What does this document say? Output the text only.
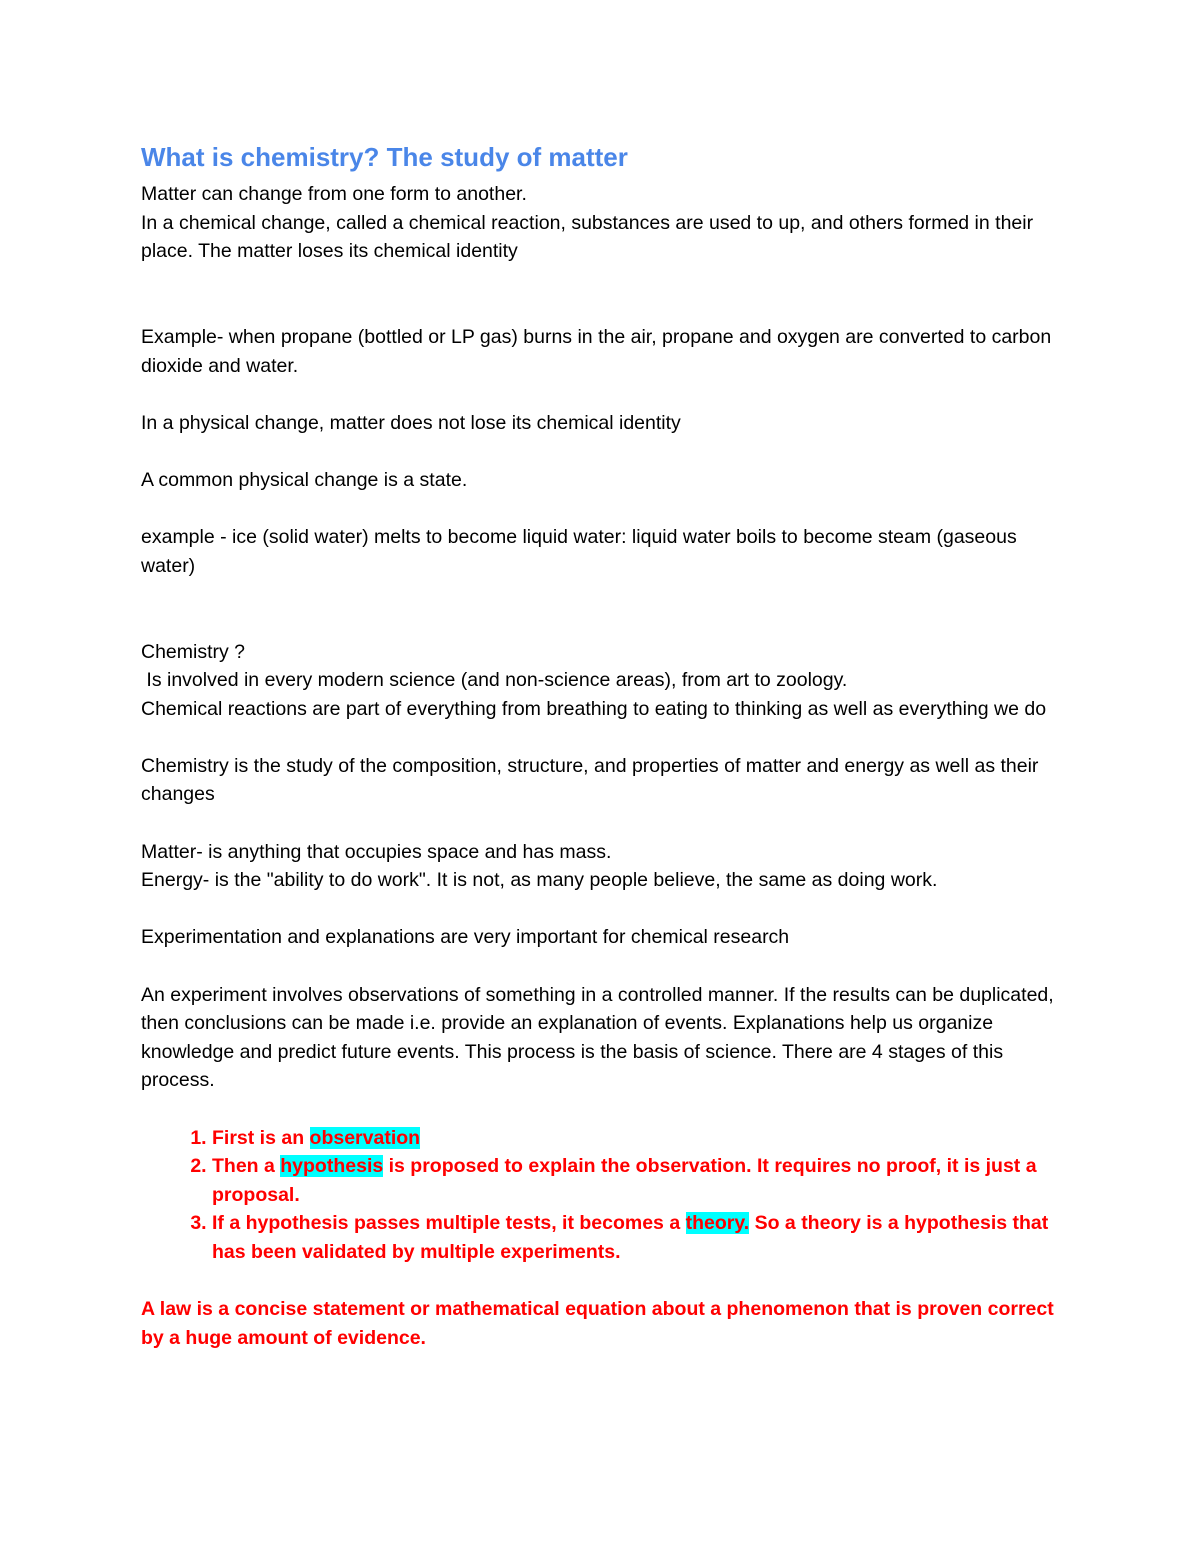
What is chemistry? The study of matter

Matter can change from one form to another.

In a chemical change, called a chemical reaction, substances are used to up, and others formed in their place. The matter loses its chemical identity

Example- when propane (bottled or LP gas) burns in the air, propane and oxygen are converted to carbon dioxide and water.

In a physical change, matter does not lose its chemical identity

A common physical change is a state.

example - ice (solid water) melts to become liquid water: liquid water boils to become steam (gaseous water)

Chemistry ?

Is involved in every modern science (and non-science areas), from art to zoology.

Chemical reactions are part of everything from breathing to eating to thinking as well as everything we do

Chemistry is the study of the composition, structure, and properties of matter and energy as well as their changes

Matter- is anything that occupies space and has mass.

Energy- is the "ability to do work". It is not, as many people believe, the same as doing work.

Experimentation and explanations are very important for chemical research

An experiment involves observations of something in a controlled manner. If the results can be duplicated, then conclusions can be made i.e. provide an explanation of events. Explanations help us organize knowledge and predict future events. This process is the basis of science. There are 4 stages of this process.

1. First is an observation
2. Then a hypothesis is proposed to explain the observation. It requires no proof, it is just a proposal.
3. If a hypothesis passes multiple tests, it becomes a theory. So a theory is a hypothesis that has been validated by multiple experiments.

A law is a concise statement or mathematical equation about a phenomenon that is proven correct by a huge amount of evidence.
